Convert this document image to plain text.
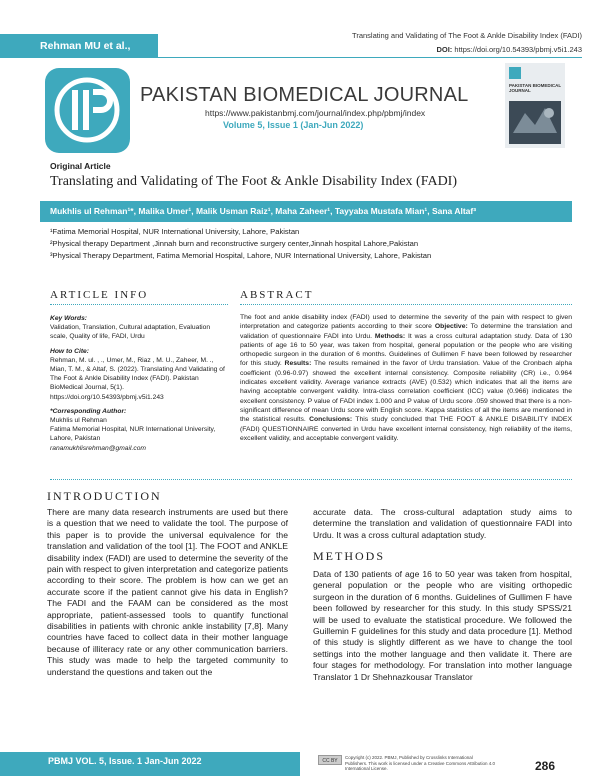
Rehman MU et al.,
Translating and Validating of The Foot & Ankle Disability Index (FADI)
DOI: https://doi.org/10.54393/pbmj.v5i1.243
PAKISTAN BIOMEDICAL JOURNAL
https://www.pakistanbmj.com/journal/index.php/pbmj/index
Volume 5, Issue 1 (Jan-Jun 2022)
PAKISTAN BIOMEDICAL JOURNAL
Original Article
Translating and Validating of The Foot & Ankle Disability Index (FADI)
Mukhlis ul Rehman¹*, Malika Umer¹, Malik Usman Raiz¹, Maha Zaheer¹, Tayyaba Mustafa Mian¹, Sana Altaf³
¹Fatima Memorial Hospital, NUR International University, Lahore, Pakistan
²Physical therapy Department ,Jinnah burn and reconstructive surgery center,Jinnah hospital Lahore,Pakistan
³Physical Therapy Department, Fatima Memorial Hospital, Lahore, NUR International University, Lahore, Pakistan
ARTICLE INFO	ABSTRACT

Key Words:
Validation, Translation, Cultural adaptation, Evaluation scale, Quality of life, FADI, Urdu

How to Cite:
Rehman, M. ul. , ., Umer, M., Riaz , M. U., Zaheer, M. ., Mian, T. M., & Altaf, S. (2022). Translating And Validating of The Foot & Ankle Disability Index (FADI). Pakistan BioMedical Journal, 5(1). https://doi.org/10.54393/pbmj.v5i1.243

*Corresponding Author:
Mukhlis ul Rehman
Fatima Memorial Hospital, NUR International University, Lahore, Pakistan
ranamukhlisrehman@gmail.com

The foot and ankle disability index (FADI) used to determine the severity of the pain with respect to given interpretation and categorize patients according to their score Objective: To determine the translation and validation of questionnaire FADI into Urdu. Methods: It was a cross cultural adaptation study. Data of 130 patients of age 16 to 50 year, was taken from hospital, general population or the people who are visiting orthopedic surgeon in the duration of 6 months. Guidelines of Gullimen F have been followed by researcher for this study. Results: The results remained in the favor of Urdu translation. Value of the Cronbach alpha coefficient (0.96-0.97) showed the excellent internal consistency. Composite reliability (CR) i.e., 0.964 indicates excellent validity. Average variance extracts (AVE) (0.532) which indicates that all the items are having acceptable convergent validity. Intra-class correlation coefficient (ICC) value (0.966) indicates the excellent consistency. P value of FADI index 1.000 and P value of Urdu score .059 showed that there is a non-significant difference of mean Urdu score with English score. Kappa statistics of all the items are mentioned in the statistical results. Conclusions: This study concluded that THE FOOT & ANKLE DISABILITY INDEX (FADI) QUESTIONNAIRE converted in Urdu have excellent internal consistency, high reliability of the items, excellent validity, and acceptable convergent validity.
INTRODUCTION
There are many data research instruments are used but there is a question that we need to validate the tool. The purpose of this paper is to provide the universal equivalence for the translation and validation of the tool [1]. The FOOT and ANKLE disability index (FADI) are used to determine the severity of the pain with respect to given interpretation and categorize patients according to their score. The problem is how can we get an accurate score if the patient cannot give his data in English? The FADI and the FAAM can be considered as the most appropriate, patient-assessed tools to quantify functional disabilities in patients with chronic ankle instability [7,8]. Many countries have faced to collect data in their mother language because of illiteracy rate or any other communication barriers. This study was made to help the targeted community to understand the questions and taken out the
accurate data. The cross-cultural adaptation study aims to determine the translation and validation of questionnaire FADI into Urdu. It was a cross cultural adaptation study.
METHODS
Data of 130 patients of age 16 to 50 year was taken from hospital, general population or the people who are visiting orthopedic surgeon in the duration of 6 months. Guidelines of Gullimen F have been followed by researcher for this study. In this study SPSS/21 will be used to evaluate the statistical procedure. We followed the Guillemin F guidelines for this study and data procedure [1]. Method of this study is slightly different as we have to change the tool settings into the mother language and then validate it. There are four stages for methodology. For translation into mother language Translator 1 Dr Shehnazkousar Translator
PBMJ VOL. 5, Issue. 1 Jan-Jun 2022	CC BY
Copyright (c) 2022. PBMJ, Published by Crosslinks International Publishers. This work is licensed under a Creative Commons Attribution 4.0 International License.	286
